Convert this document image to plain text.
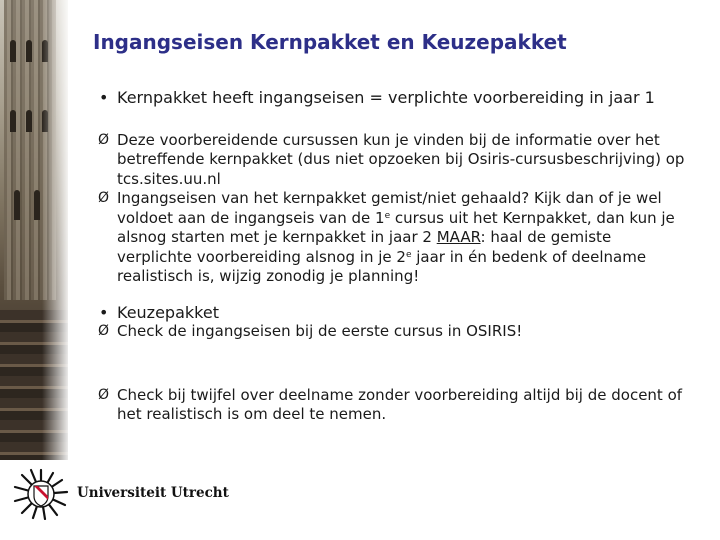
Ingangseisen Kernpakket en Keuzepakket

• Kernpakket heeft ingangseisen = verplichte voorbereiding in jaar 1

Ø Deze voorbereidende cursussen kun je vinden bij de informatie over het betreffende kernpakket (dus niet opzoeken bij Osiris-cursusbeschrijving) op tcs.sites.uu.nl

Ø Ingangseisen van het kernpakket gemist/niet gehaald? Kijk dan of je wel voldoet aan de ingangseis van de 1e cursus uit het Kernpakket, dan kun je alsnog starten met je kernpakket in jaar 2 MAAR: haal de gemiste verplichte voorbereiding alsnog in je 2e jaar in én bedenk of deelname realistisch is, wijzig zonodig je planning!

• Keuzepakket

Ø Check de ingangseisen bij de eerste cursus in OSIRIS!

Ø Check bij twijfel over deelname zonder voorbereiding altijd bij de docent of het realistisch is om deel te nemen.

Universiteit Utrecht
